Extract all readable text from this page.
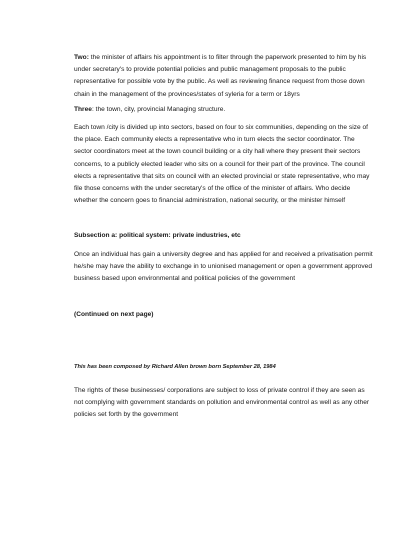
Two: the minister of affairs his appointment is to filter through the paperwork presented to him by his under secretary's to provide potential policies and public management proposals to the public representative for possible vote by the public. As well as reviewing finance request from those down chain in the management of the provinces/states of syleria for a term or 18yrs

Three: the town, city, provincial Managing structure.

Each town /city is divided up into sectors, based on four to six communities, depending on the size of the place. Each community elects a representative who in turn elects the sector coordinator. The sector coordinators meet at the town council building or a city hall where they present their sectors concerns, to a publicly elected leader who sits on a council for their part of the province. The council elects a representative that sits on council with an elected provincial or state representative, who may file those concerns with the under secretary's of the office of the minister of affairs. Who decide whether the concern goes to financial administration, national security, or the minister himself

Subsection a: political system: private industries, etc

Once an individual has gain a university degree and has applied for and received a privatisation permit he/she may have the ability to exchange in to unionised management or open a government approved business based upon environmental and political policies of the government

(Continued on next page)

This has been composed by Richard Allen brown born September 28, 1984

The rights of these businesses/ corporations are subject to loss of private control if they are seen as not complying with government standards on pollution and environmental control as well as any other policies set forth by the government
